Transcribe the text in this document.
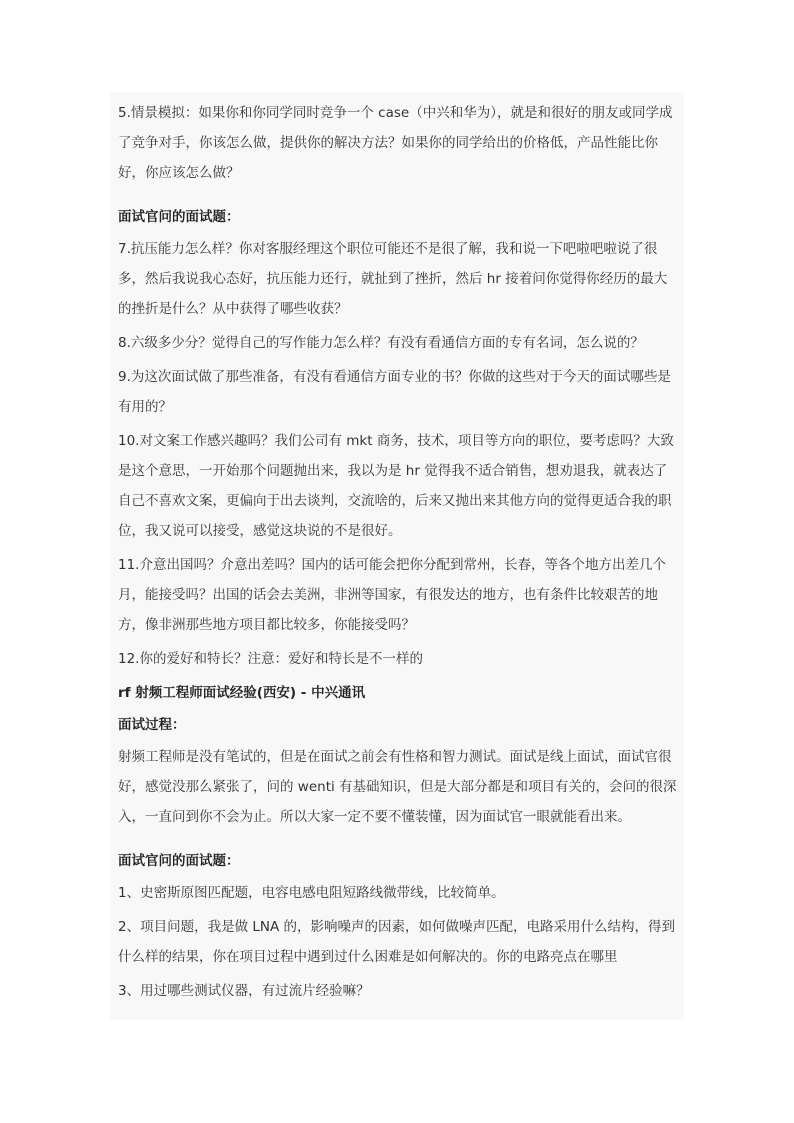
5.情景模拟：如果你和你同学同时竞争一个 case（中兴和华为），就是和很好的朋友或同学成了竞争对手，你该怎么做，提供你的解决方法？如果你的同学给出的价格低，产品性能比你好，你应该怎么做？

面试官问的面试题：

7.抗压能力怎么样？你对客服经理这个职位可能还不是很了解，我和说一下吧啦吧啦说了很多，然后我说我心态好，抗压能力还行，就扯到了挫折，然后 hr 接着问你觉得你经历的最大的挫折是什么？从中获得了哪些收获？

8.六级多少分？觉得自己的写作能力怎么样？有没有看通信方面的专有名词，怎么说的？

9.为这次面试做了那些准备，有没有看通信方面专业的书？你做的这些对于今天的面试哪些是有用的？

10.对文案工作感兴趣吗？我们公司有 mkt 商务，技术，项目等方向的职位，要考虑吗？大致是这个意思，一开始那个问题抛出来，我以为是 hr 觉得我不适合销售，想劝退我，就表达了自己不喜欢文案，更偏向于出去谈判，交流啥的，后来又抛出来其他方向的觉得更适合我的职位，我又说可以接受，感觉这块说的不是很好。

11.介意出国吗？介意出差吗？国内的话可能会把你分配到常州，长春，等各个地方出差几个月，能接受吗？出国的话会去美洲，非洲等国家，有很发达的地方，也有条件比较艰苦的地方，像非洲那些地方项目都比较多，你能接受吗？

12.你的爱好和特长？注意：爱好和特长是不一样的

rf 射频工程师面试经验(西安) - 中兴通讯

面试过程：

射频工程师是没有笔试的，但是在面试之前会有性格和智力测试。面试是线上面试，面试官很好，感觉没那么紧张了，问的 wenti 有基础知识，但是大部分都是和项目有关的，会问的很深入，一直问到你不会为止。所以大家一定不要不懂装懂，因为面试官一眼就能看出来。

面试官问的面试题：

1、史密斯原图匹配题，电容电感电阻短路线微带线，比较简单。

2、项目问题，我是做 LNA 的，影响噪声的因素，如何做噪声匹配，电路采用什么结构，得到什么样的结果，你在项目过程中遇到过什么困难是如何解决的。你的电路亮点在哪里

3、用过哪些测试仪器，有过流片经验嘛？
